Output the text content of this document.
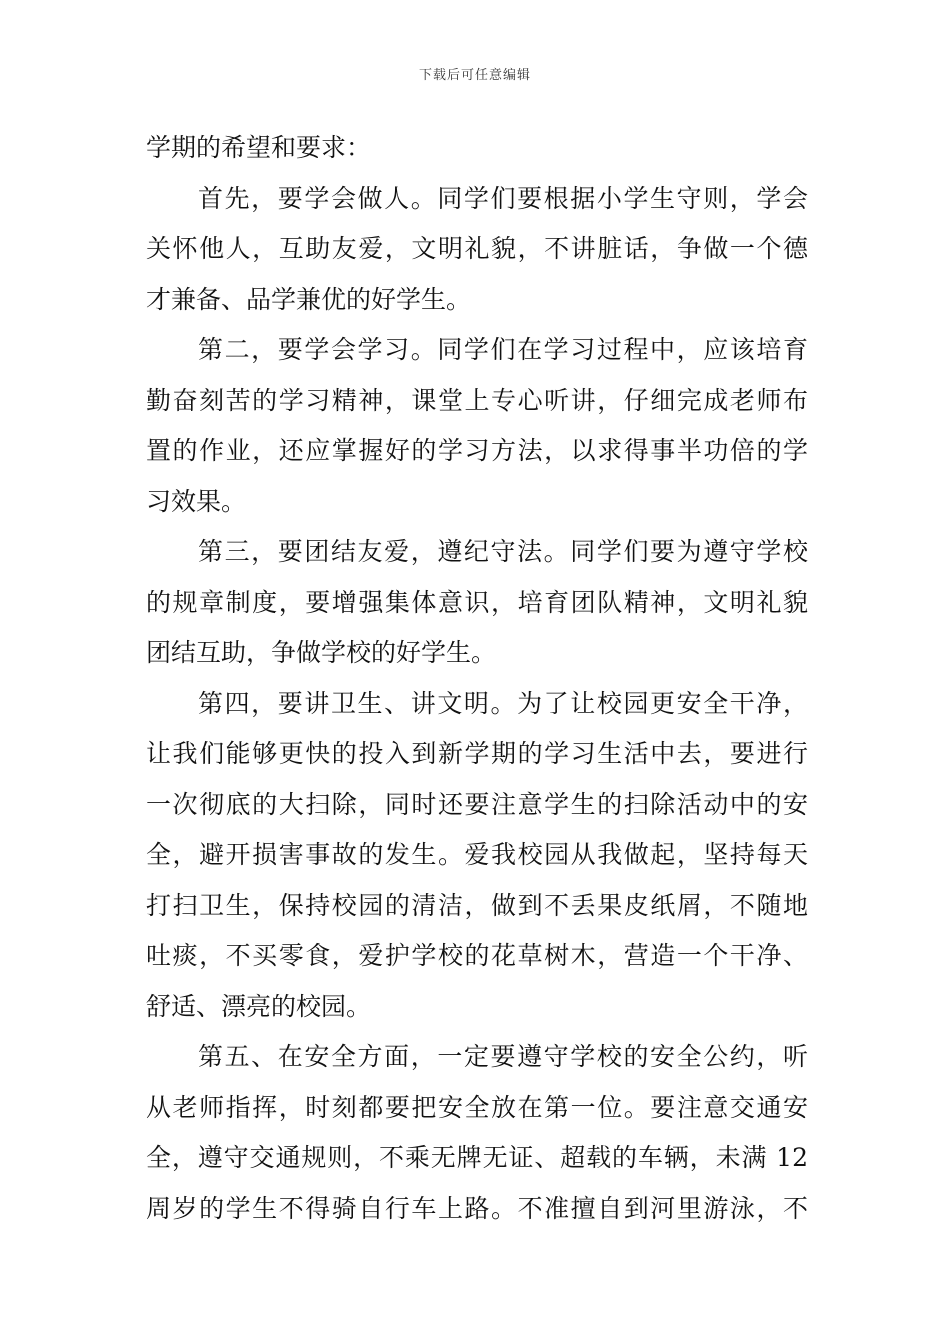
下载后可任意编辑
学期的希望和要求：
首先，要学会做人。同学们要根据小学生守则，学会
关怀他人，互助友爱，文明礼貌，不讲脏话，争做一个德
才兼备、品学兼优的好学生。
第二，要学会学习。同学们在学习过程中，应该培育
勤奋刻苦的学习精神，课堂上专心听讲，仔细完成老师布
置的作业，还应掌握好的学习方法，以求得事半功倍的学
习效果。
第三，要团结友爱，遵纪守法。同学们要为遵守学校
的规章制度，要增强集体意识，培育团队精神，文明礼貌
团结互助，争做学校的好学生。
第四，要讲卫生、讲文明。为了让校园更安全干净，
让我们能够更快的投入到新学期的学习生活中去，要进行
一次彻底的大扫除，同时还要注意学生的扫除活动中的安
全，避开损害事故的发生。爱我校园从我做起，坚持每天
打扫卫生，保持校园的清洁，做到不丢果皮纸屑，不随地
吐痰，不买零食，爱护学校的花草树木，营造一个干净、
舒适、漂亮的校园。
第五、在安全方面，一定要遵守学校的安全公约，听
从老师指挥，时刻都要把安全放在第一位。要注意交通安
全，遵守交通规则，不乘无牌无证、超载的车辆，未满 12
周岁的学生不得骑自行车上路。不准擅自到河里游泳，不
